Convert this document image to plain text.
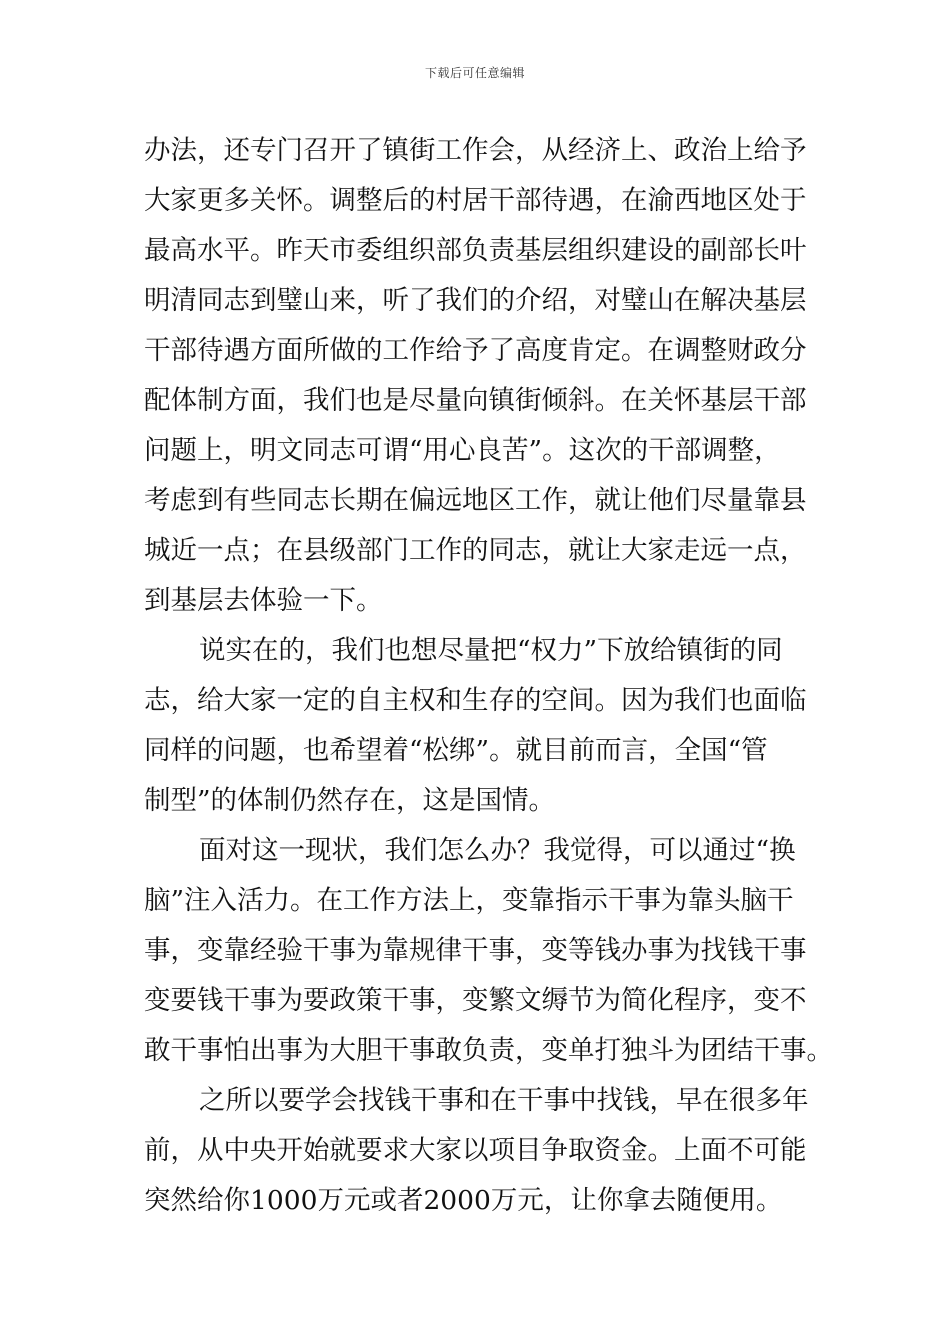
下载后可任意编辑
办法，还专门召开了镇街工作会，从经济上、政治上给予
大家更多关怀。调整后的村居干部待遇，在渝西地区处于
最高水平。昨天市委组织部负责基层组织建设的副部长叶
明清同志到璧山来，听了我们的介绍，对璧山在解决基层
干部待遇方面所做的工作给予了高度肯定。在调整财政分
配体制方面，我们也是尽量向镇街倾斜。在关怀基层干部
问题上，明文同志可谓“用心良苦”。这次的干部调整，
考虑到有些同志长期在偏远地区工作，就让他们尽量靠县
城近一点；在县级部门工作的同志，就让大家走远一点，
到基层去体验一下。
说实在的，我们也想尽量把“权力”下放给镇街的同
志，给大家一定的自主权和生存的空间。因为我们也面临
同样的问题，也希望着“松绑”。就目前而言，全国“管
制型”的体制仍然存在，这是国情。
面对这一现状，我们怎么办？我觉得，可以通过“换
脑”注入活力。在工作方法上，变靠指示干事为靠头脑干
事，变靠经验干事为靠规律干事，变等钱办事为找钱干事
变要钱干事为要政策干事，变繁文缛节为简化程序，变不
敢干事怕出事为大胆干事敢负责，变单打独斗为团结干事。
之所以要学会找钱干事和在干事中找钱，早在很多年
前，从中央开始就要求大家以项目争取资金。上面不可能
突然给你1000万元或者2000万元，让你拿去随便用。
